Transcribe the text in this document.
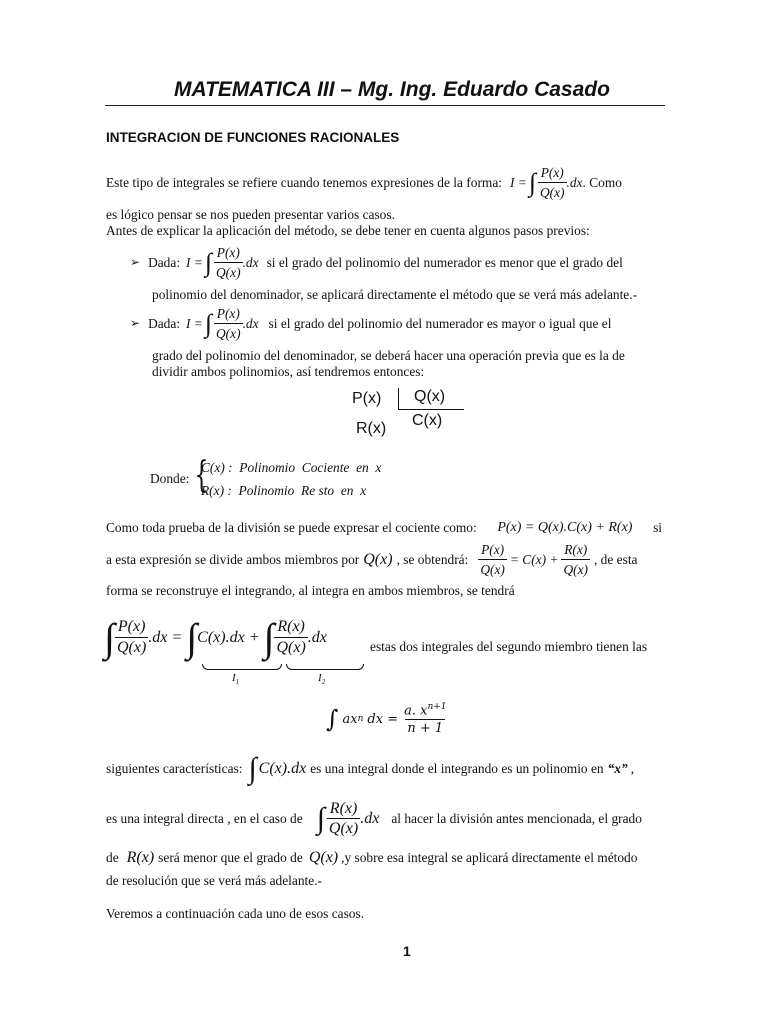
MATEMATICA III – Mg. Ing. Eduardo Casado
INTEGRACION DE FUNCIONES RACIONALES
Este tipo de integrales se refiere cuando tenemos expresiones de la forma: I = ∫ $\frac{P(x)}{Q(x)} .dx$ . Como
es lógico pensar se nos pueden presentar varios casos.
Antes de explicar la aplicación del método, se debe tener en cuenta algunos pasos previos:
➢ Dada: I = ∫ $\frac{P(x)}{Q(x)} .dx$ si el grado del polinomio del numerador es menor que el grado del
polinomio del denominador, se aplicará directamente el método que se verá más adelante.-
➢ Dada: I = ∫ $\frac{P(x)}{Q(x)} .dx$ si el grado del polinomio del numerador es mayor o igual que el
grado del polinomio del denominador, se deberá hacer una operación previa que es la de
dividir ambos polinomios, así tendremos entonces:
P(x) Q(x)
R(x) C(x)
Donde: {
C(x) :  Polinomio  Cociente  en  x
R(x) :  Polinomio  Re sto  en  x
Como toda prueba de la división se puede expresar el cociente como: P(x) = Q(x).C(x) + R(x) si
a esta expresión se divide ambos miembros por Q(x) , se obtendrá: $\frac{P(x)}{Q(x)} = C(x) + \frac{R(x)}{Q(x)}$ , de esta
forma se reconstruye el integrando, al integra en ambos miembros, se tendrá
∫ $\frac{P(x)}{Q(x)} .dx$ = ∫ C(x).dx + ∫ $\frac{R(x)}{Q(x)} .dx$
$I_1$	$I_2$
estas dos integrales del segundo miembro tienen las
∫ ax n dx = $\frac{a. x^{n+1}}{n + 1}$
siguientes características: ∫ C(x).dx es una integral donde el integrando es un polinomio en “x” ,
es una integral directa , en el caso de ∫ $\frac{R(x)}{Q(x)} .dx$ al hacer la división antes mencionada, el grado
de R(x) será menor que el grado de Q(x) ,y sobre esa integral se aplicará directamente el método
de resolución que se verá más adelante.-
Veremos a continuación cada uno de esos casos.
1
